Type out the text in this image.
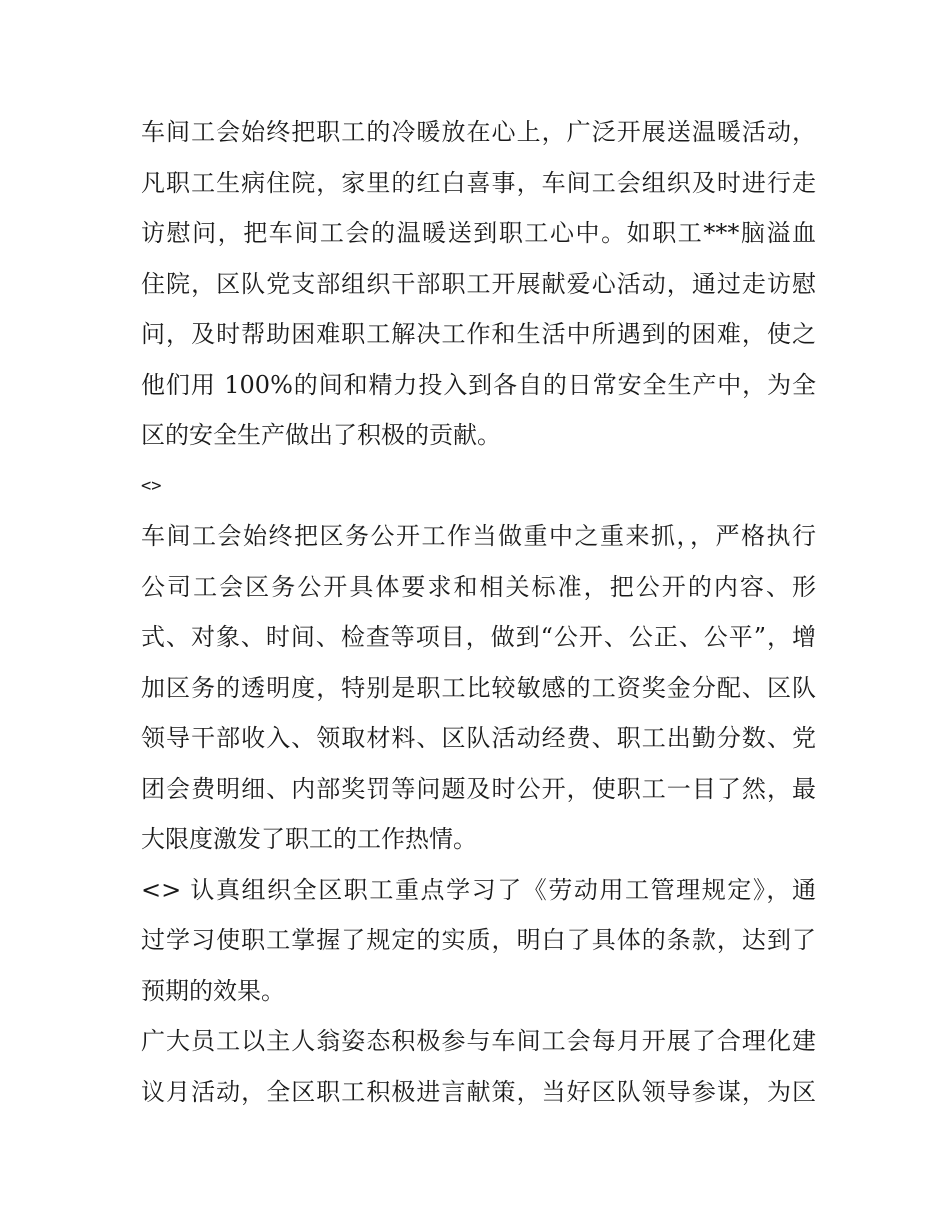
车间工会始终把职工的冷暖放在心上，广泛开展送温暖活动，
凡职工生病住院，家里的红白喜事，车间工会组织及时进行走
访慰问，把车间工会的温暖送到职工心中。如职工***脑溢血
住院，区队党支部组织干部职工开展献爱心活动，通过走访慰
问，及时帮助困难职工解决工作和生活中所遇到的困难，使之
他们用 100%的间和精力投入到各自的日常安全生产中，为全
区的安全生产做出了积极的贡献。
<>
车间工会始终把区务公开工作当做重中之重来抓，，严格执行
公司工会区务公开具体要求和相关标准，把公开的内容、形
式、对象、时间、检查等项目，做到“公开、公正、公平”，增
加区务的透明度，特别是职工比较敏感的工资奖金分配、区队
领导干部收入、领取材料、区队活动经费、职工出勤分数、党
团会费明细、内部奖罚等问题及时公开，使职工一目了然，最
大限度激发了职工的工作热情。
<> 认真组织全区职工重点学习了《劳动用工管理规定》，通
过学习使职工掌握了规定的实质，明白了具体的条款，达到了
预期的效果。
广大员工以主人翁姿态积极参与车间工会每月开展了合理化建
议月活动，全区职工积极进言献策，当好区队领导参谋，为区
